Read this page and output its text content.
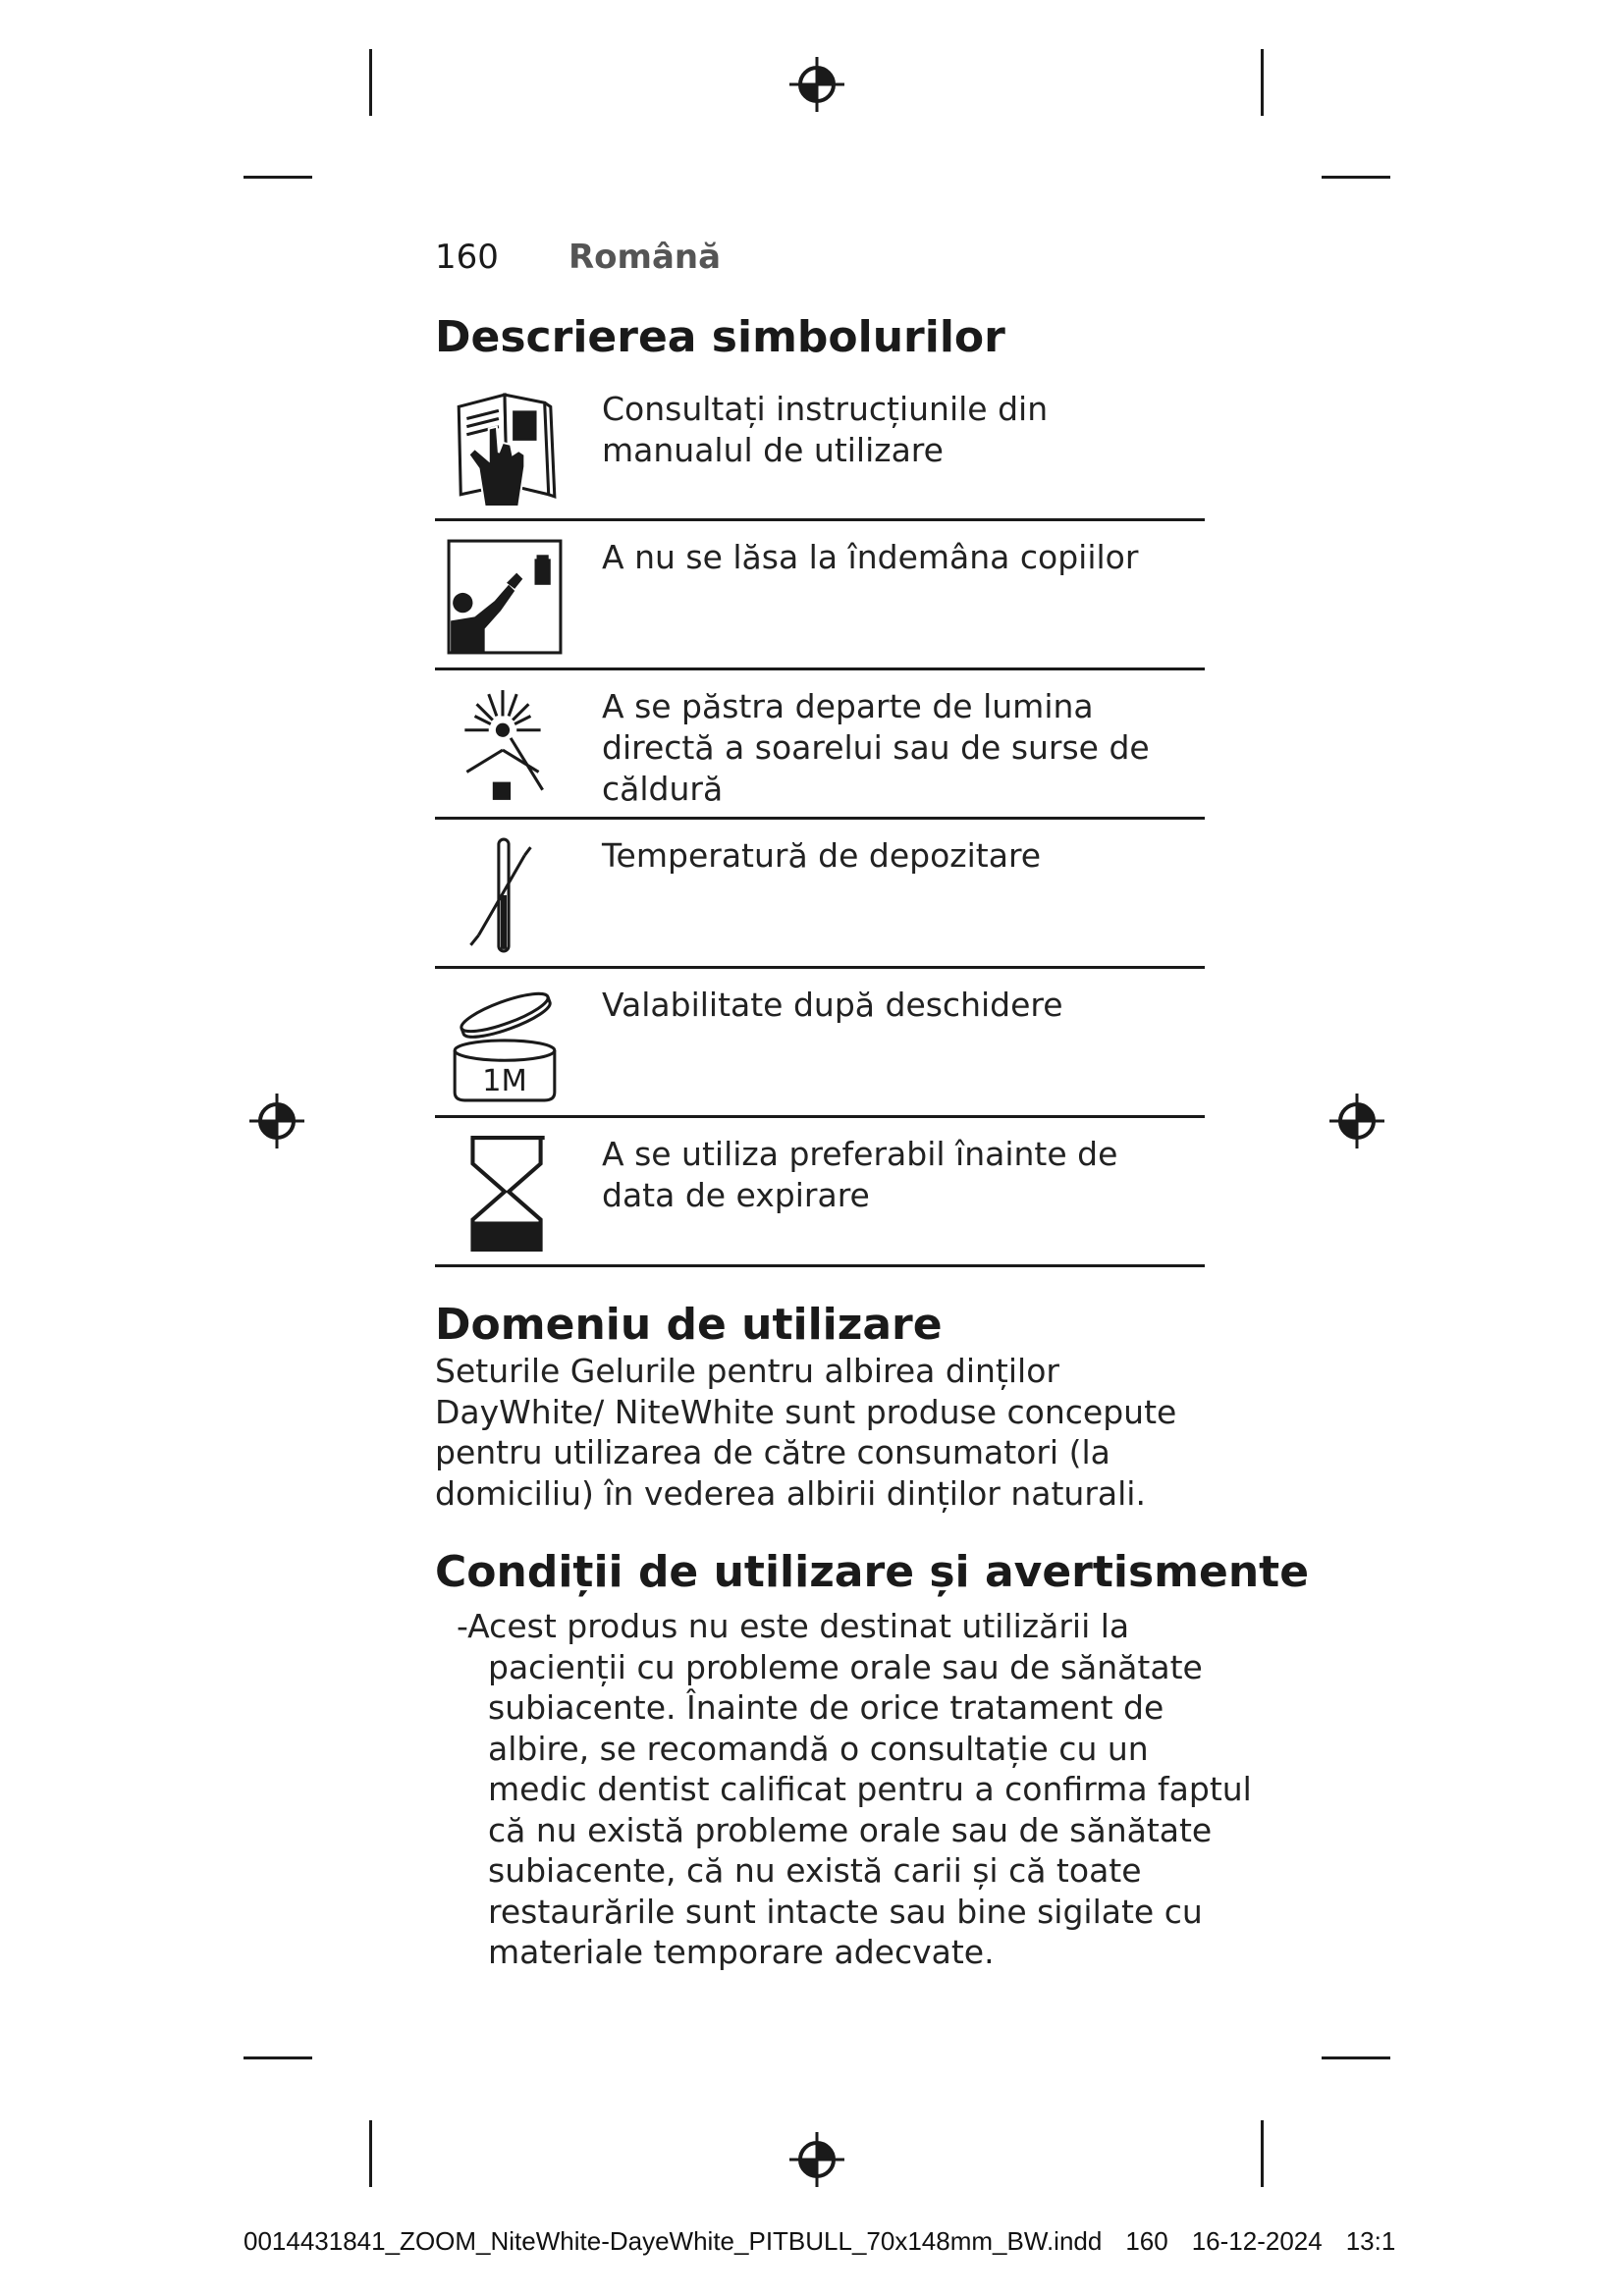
160 Română
Descrierea simbolurilor
Consultați instrucțiunile din manualul de utilizare
A nu se lăsa la îndemâna copiilor
A se păstra departe de lumina directă a soarelui sau de surse de căldură
Temperatură de depozitare
1M
Valabilitate după deschidere
A se utiliza preferabil înainte de data de expirare
Domeniu de utilizare
Seturile Gelurile pentru albirea dinților DayWhite/ NiteWhite sunt produse concepute pentru utilizarea de către consumatori (la domiciliu) în vederea albirii dinților naturali.
Condiții de utilizare și avertismente
-Acest produs nu este destinat utilizării la pacienții cu probleme orale sau de sănătate subiacente. Înainte de orice tratament de albire, se recomandă o consultație cu un medic dentist calificat pentru a confirma faptul că nu există probleme orale sau de sănătate subiacente, că nu există carii și că toate restaurările sunt intacte sau bine sigilate cu materiale temporare adecvate.
0014431841_ZOOM_NiteWhite-DayeWhite_PITBULL_70x148mm_BW.indd 160 16-12-2024 13:1
